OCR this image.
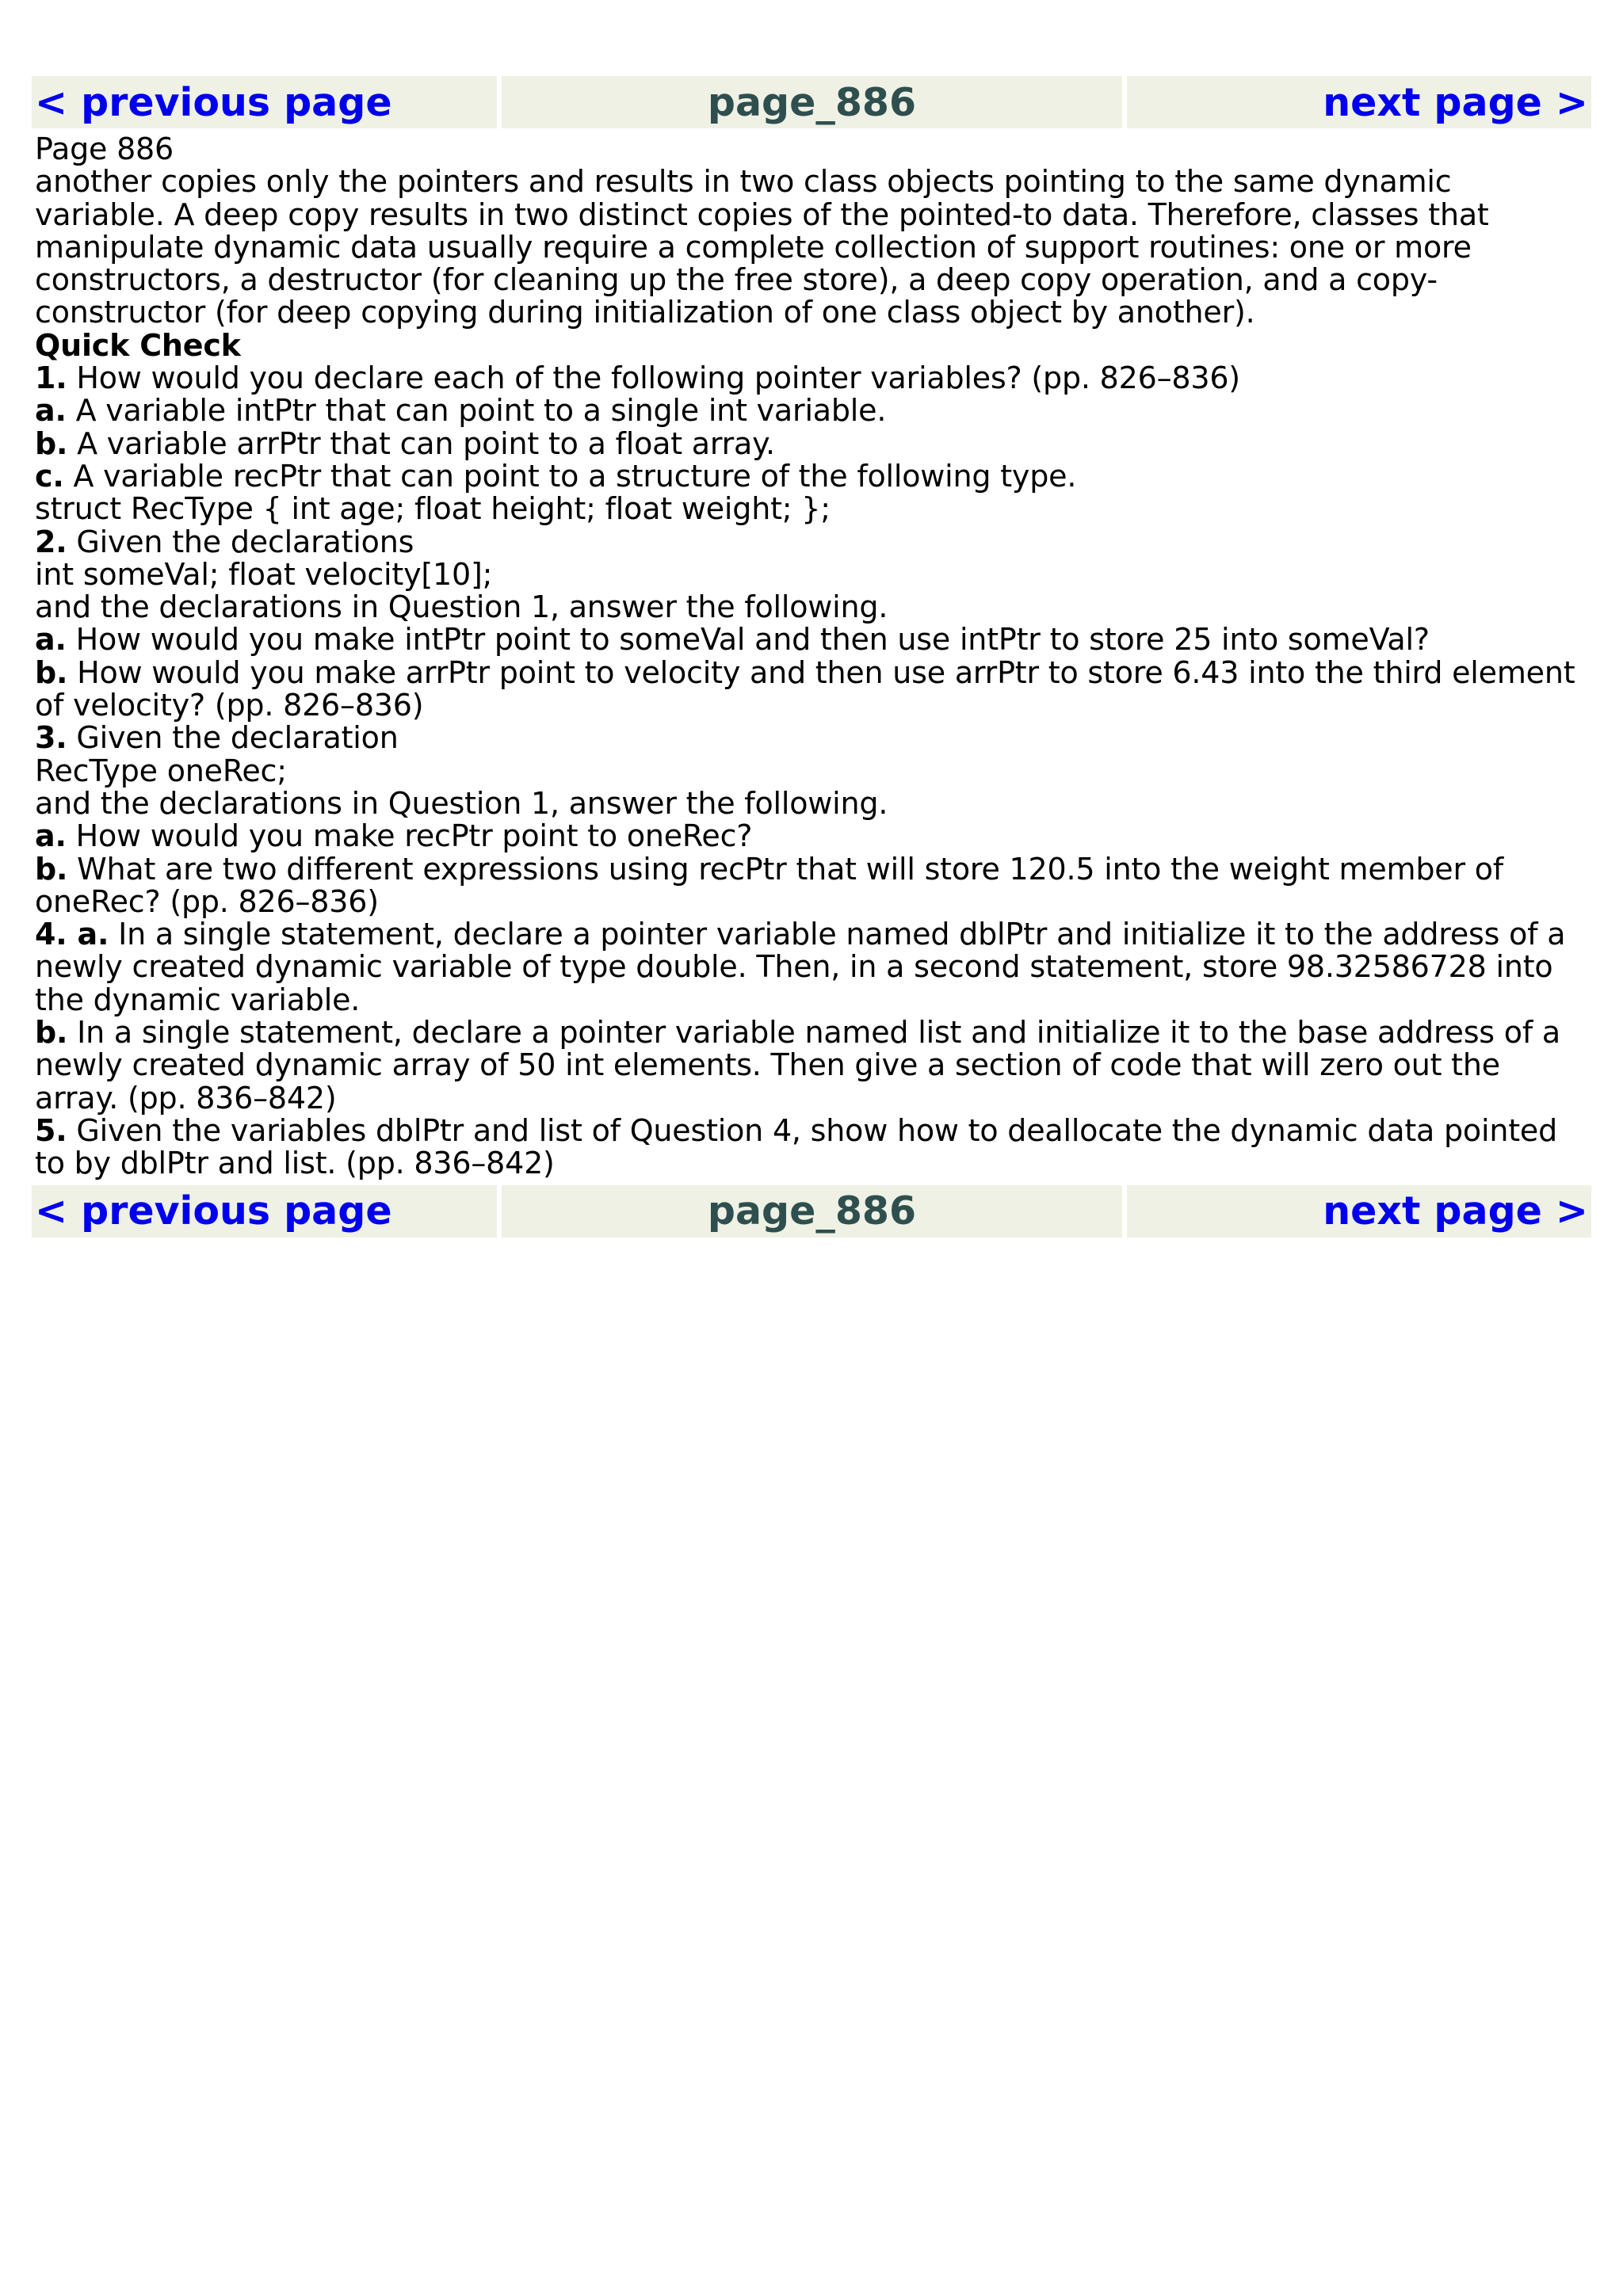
< previous page	page_886	next page >

Page 886

another copies only the pointers and results in two class objects pointing to the same dynamic variable. A deep copy results in two distinct copies of the pointed-to data. Therefore, classes that manipulate dynamic data usually require a complete collection of support routines: one or more constructors, a destructor (for cleaning up the free store), a deep copy operation, and a copy-constructor (for deep copying during initialization of one class object by another).

Quick Check

1. How would you declare each of the following pointer variables? (pp. 826–836)

a. A variable intPtr that can point to a single int variable.

b. A variable arrPtr that can point to a float array.

c. A variable recPtr that can point to a structure of the following type.

struct RecType { int age; float height; float weight; };

2. Given the declarations

int someVal; float velocity[10];

and the declarations in Question 1, answer the following.

a. How would you make intPtr point to someVal and then use intPtr to store 25 into someVal?

b. How would you make arrPtr point to velocity and then use arrPtr to store 6.43 into the third element of velocity? (pp. 826–836)

3. Given the declaration

RecType oneRec;

and the declarations in Question 1, answer the following.

a. How would you make recPtr point to oneRec?

b. What are two different expressions using recPtr that will store 120.5 into the weight member of oneRec? (pp. 826–836)

4. a. In a single statement, declare a pointer variable named dblPtr and initialize it to the address of a newly created dynamic variable of type double. Then, in a second statement, store 98.32586728 into the dynamic variable.

b. In a single statement, declare a pointer variable named list and initialize it to the base address of a newly created dynamic array of 50 int elements. Then give a section of code that will zero out the array. (pp. 836–842)

5. Given the variables dblPtr and list of Question 4, show how to deallocate the dynamic data pointed to by dblPtr and list. (pp. 836–842)

< previous page	page_886	next page >
